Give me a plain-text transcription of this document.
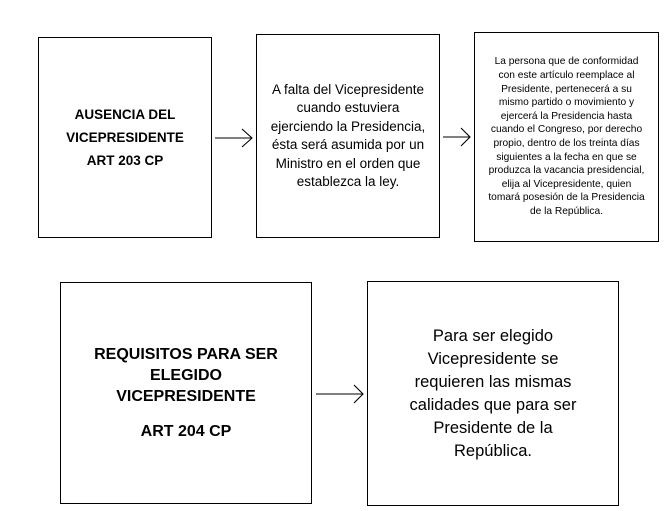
AUSENCIA DEL
VICEPRESIDENTE
ART 203 CP
A falta del Vicepresidente
cuando estuviera
ejerciendo la Presidencia,
ésta será asumida por un
Ministro en el orden que
establezca la ley.
La persona que de conformidad
con este artículo reemplace al
Presidente, pertenecerá a su
mismo partido o movimiento y
ejercerá la Presidencia hasta
cuando el Congreso, por derecho
propio, dentro de los treinta días
siguientes a la fecha en que se
produzca la vacancia presidencial,
elija al Vicepresidente, quien
tomará posesión de la Presidencia
de la República.
REQUISITOS PARA SER
ELEGIDO
VICEPRESIDENTE
ART 204 CP
Para ser elegido
Vicepresidente se
requieren las mismas
calidades que para ser
Presidente de la
República.
